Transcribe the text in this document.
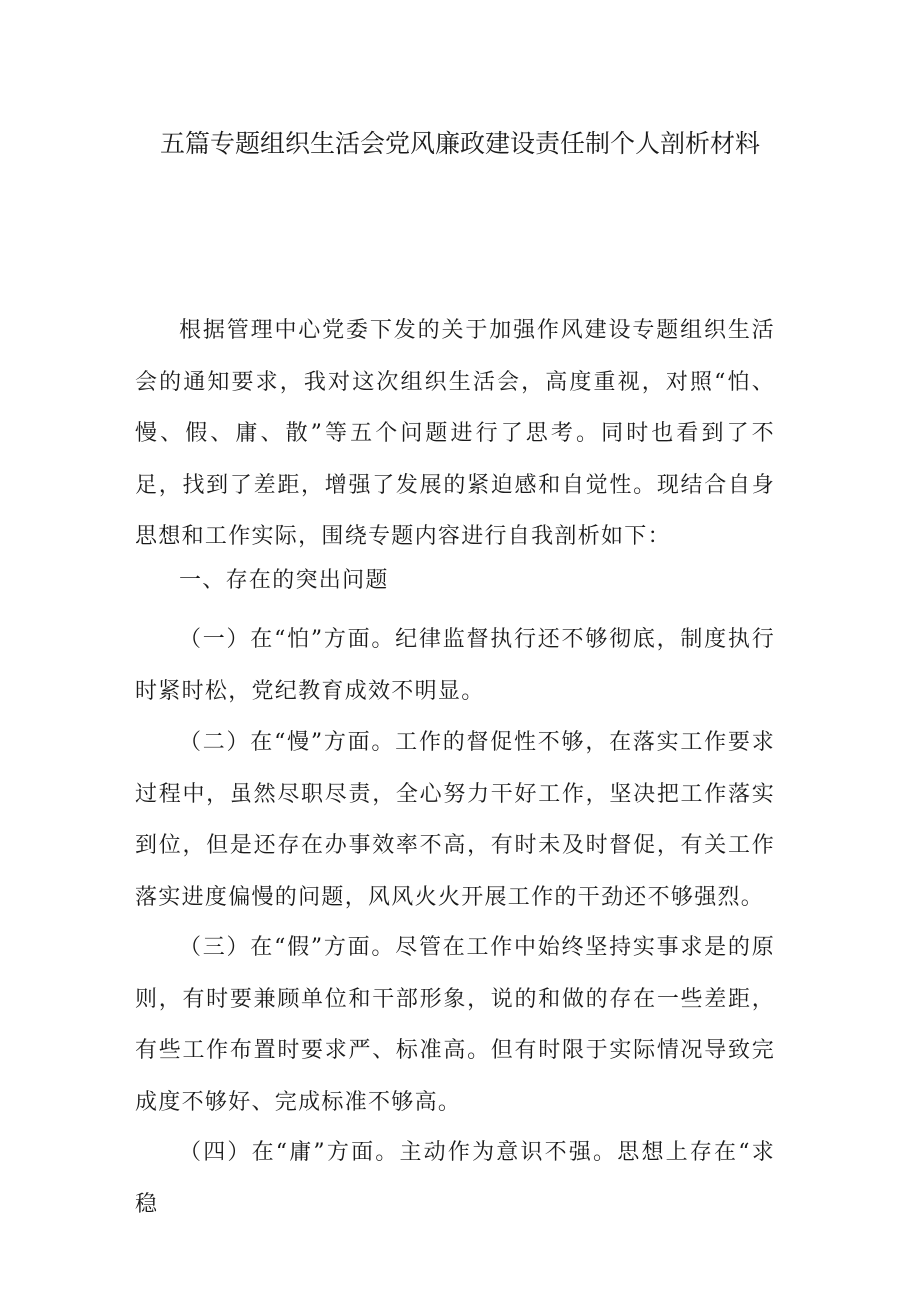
五篇专题组织生活会党风廉政建设责任制个人剖析材料

根据管理中心党委下发的关于加强作风建设专题组织生活会的通知要求，我对这次组织生活会，高度重视，对照“怕、慢、假、庸、散”等五个问题进行了思考。同时也看到了不足，找到了差距，增强了发展的紧迫感和自觉性。现结合自身思想和工作实际，围绕专题内容进行自我剖析如下：

一、存在的突出问题

（一）在“怕”方面。纪律监督执行还不够彻底，制度执行时紧时松，党纪教育成效不明显。

（二）在“慢”方面。工作的督促性不够，在落实工作要求过程中，虽然尽职尽责，全心努力干好工作，坚决把工作落实到位，但是还存在办事效率不高，有时未及时督促，有关工作落实进度偏慢的问题，风风火火开展工作的干劲还不够强烈。

（三）在“假”方面。尽管在工作中始终坚持实事求是的原则，有时要兼顾单位和干部形象，说的和做的存在一些差距，有些工作布置时要求严、标准高。但有时限于实际情况导致完成度不够好、完成标准不够高。

（四）在“庸”方面。主动作为意识不强。思想上存在“求稳
